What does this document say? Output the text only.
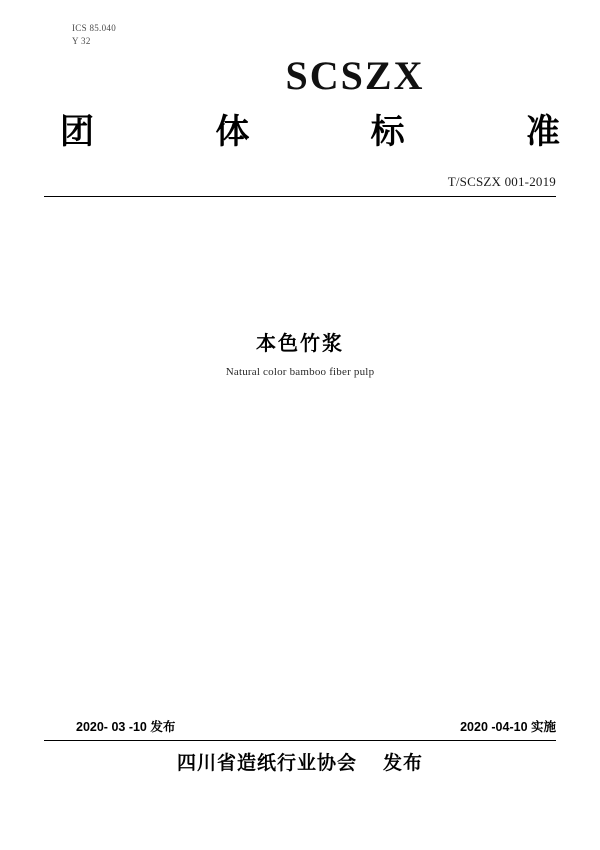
ICS 85.040
Y 32
SCSZX
团	体	标	准
T/SCSZX 001-2019
本色竹浆
Natural color bamboo fiber pulp
2020- 03 -10 发布	2020 -04-10 实施
四川省造纸行业协会 发布
